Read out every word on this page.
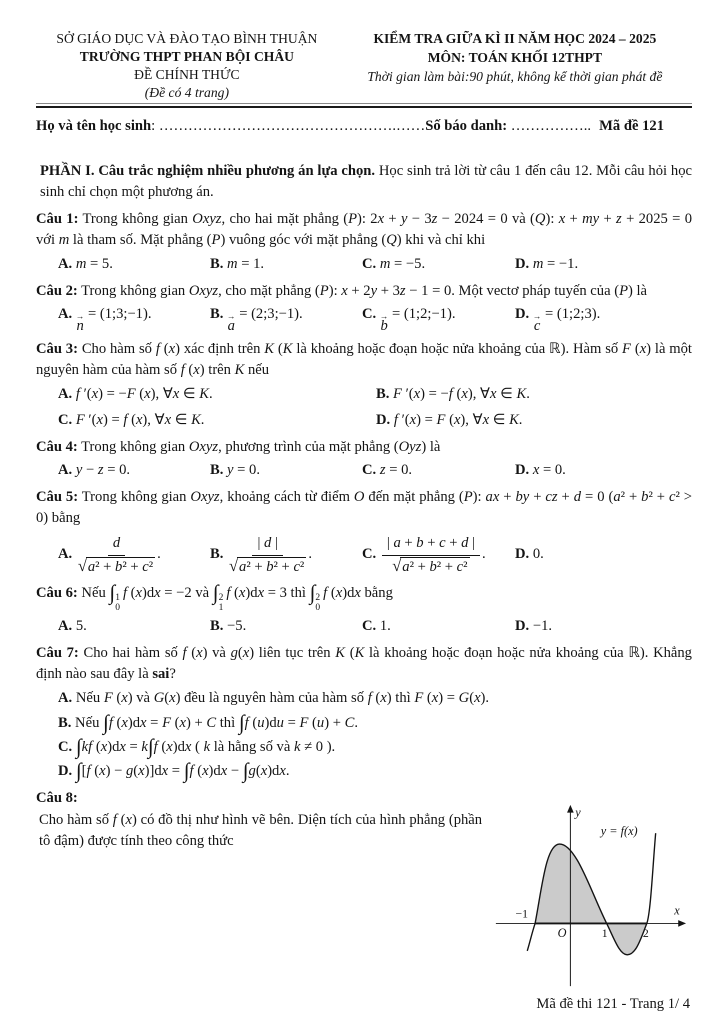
SỞ GIÁO DỤC VÀ ĐÀO TẠO BÌNH THUẬN
TRƯỜNG THPT PHAN BỘI CHÂU
ĐỀ CHÍNH THỨC
(Đề có 4 trang)
KIỂM TRA GIỮA KÌ II NĂM HỌC 2024 – 2025
MÔN: TOÁN KHỐI 12THPT
Thời gian làm bài:90 phút, không kể thời gian phát đề
Họ và tên học sinh: ………………………………………….…… Số báo danh: …………….. Mã đề 121

PHẦN I. Câu trắc nghiệm nhiều phương án lựa chọn. Học sinh trả lời từ câu 1 đến câu 12. Mỗi câu hỏi học sinh chỉ chọn một phương án.

Câu 1: Trong không gian Oxyz, cho hai mặt phẳng (P): 2x + y − 3z − 2024 = 0 và (Q): x + my + z + 2025 = 0 với m là tham số. Mặt phẳng (P) vuông góc với mặt phẳng (Q) khi và chỉ khi

A. m = 5.	B. m = 1.	C. m = −5.	D. m = −1.

Câu 2: Trong không gian Oxyz, cho mặt phẳng (P): x + 2y + 3z − 1 = 0. Một vectơ pháp tuyến của (P) là

A. →
n
= (1;3;−1).	B. →
a
= (2;3;−1).	C. →
b
= (1;2;−1).	D. →
c
= (1;2;3).

Câu 3: Cho hàm số f (x) xác định trên K (K là khoảng hoặc đoạn hoặc nửa khoảng của ℝ). Hàm số F (x) là một nguyên hàm của hàm số f (x) trên K nếu

A. f ′(x) = −F (x), ∀x ∈ K.	B. F ′(x) = −f (x), ∀x ∈ K.
C. F ′(x) = f (x), ∀x ∈ K.	D. f ′(x) = F (x), ∀x ∈ K.

Câu 4: Trong không gian Oxyz, phương trình của mặt phẳng (Oyz) là

A. y − z = 0.	B. y = 0.	C. z = 0.	D. x = 0.

Câu 5: Trong không gian Oxyz, khoảng cách từ điểm O đến mặt phẳng (P): ax + by + cz + d = 0 (a² + b² + c² > 0) bằng

A. $\frac{d}{\text{√ a² + b² + c²}}$ .	B. $\frac{| d |}{\text{√ a² + b² + c²}}$ .	C. $\frac{| a + b + c + d |}{\text{√ a² + b² + c²}}$ .	D. 0.

Câu 6: Nếu ∫ 1
0
f (x)dx = −2 và ∫ 2
1
f (x)dx = 3 thì ∫ 2
0
f (x)dx bằng

A. 5.	B. −5.	C. 1.	D. −1.

Câu 7: Cho hai hàm số f (x) và g(x) liên tục trên K (K là khoảng hoặc đoạn hoặc nửa khoảng của ℝ). Khẳng định nào sau đây là sai?

A. Nếu F (x) và G(x) đều là nguyên hàm của hàm số f (x) thì F (x) = G(x).
B. Nếu ∫f (x)dx = F (x) + C thì ∫f (u)du = F (u) + C.
C. ∫kf (x)dx = k∫f (x)dx ( k là hằng số và k ≠ 0 ).
D. ∫[f (x) − g(x)]dx = ∫f (x)dx − ∫g(x)dx.

Câu 8:

Cho hàm số f (x) có đồ thị như hình vẽ bên. Diện tích của hình phẳng (phần tô đậm) được tính theo công thức

y
x
O
−1
1	2
y = f(x)
Mã đề thi 121 - Trang 1/ 4
